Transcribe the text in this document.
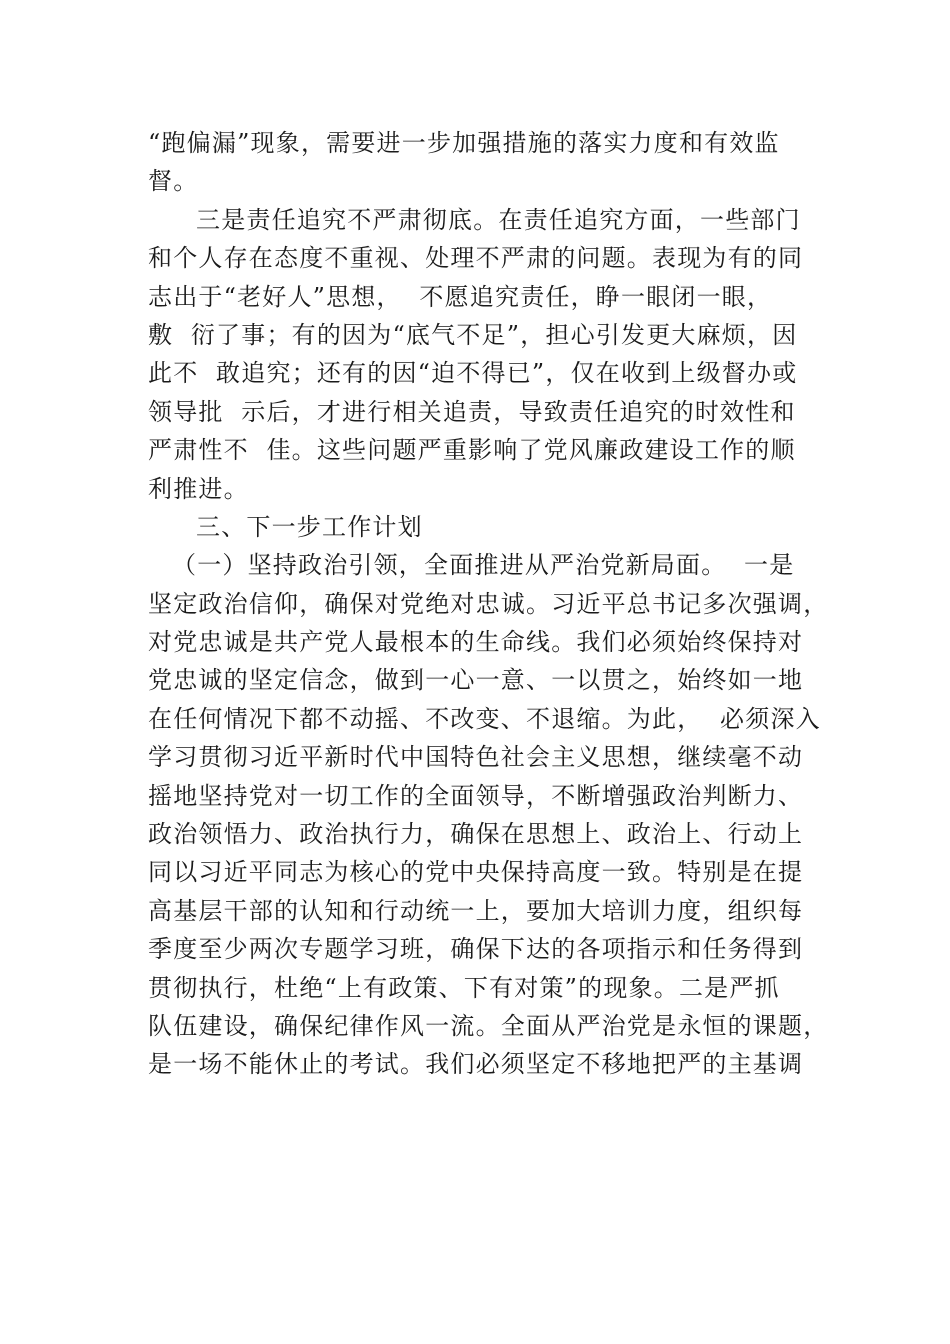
“跑偏漏”现象，需要进一步加强措施的落实力度和有效监
督。
三是责任追究不严肃彻底。在责任追究方面，一些部门
和个人存在态度不重视、处理不严肃的问题。表现为有的同
志出于“老好人”思想，  不愿追究责任，睁一眼闭一眼，
敷  衍了事；有的因为“底气不足”，担心引发更大麻烦，因
此不  敢追究；还有的因“迫不得已”，仅在收到上级督办或
领导批  示后，才进行相关追责，导致责任追究的时效性和
严肃性不  佳。这些问题严重影响了党风廉政建设工作的顺
利推进。
三、下一步工作计划
（一）坚持政治引领，全面推进从严治党新局面。  一是
坚定政治信仰，确保对党绝对忠诚。习近平总书记多次强调，
对党忠诚是共产党人最根本的生命线。我们必须始终保持对
党忠诚的坚定信念，做到一心一意、一以贯之，始终如一地
在任何情况下都不动摇、不改变、不退缩。为此，  必须深入
学习贯彻习近平新时代中国特色社会主义思想，继续毫不动
摇地坚持党对一切工作的全面领导，不断增强政治判断力、
政治领悟力、政治执行力，确保在思想上、政治上、行动上
同以习近平同志为核心的党中央保持高度一致。特别是在提
高基层干部的认知和行动统一上，要加大培训力度，组织每
季度至少两次专题学习班，确保下达的各项指示和任务得到
贯彻执行，杜绝“上有政策、下有对策”的现象。二是严抓
队伍建设，确保纪律作风一流。全面从严治党是永恒的课题，
是一场不能休止的考试。我们必须坚定不移地把严的主基调
